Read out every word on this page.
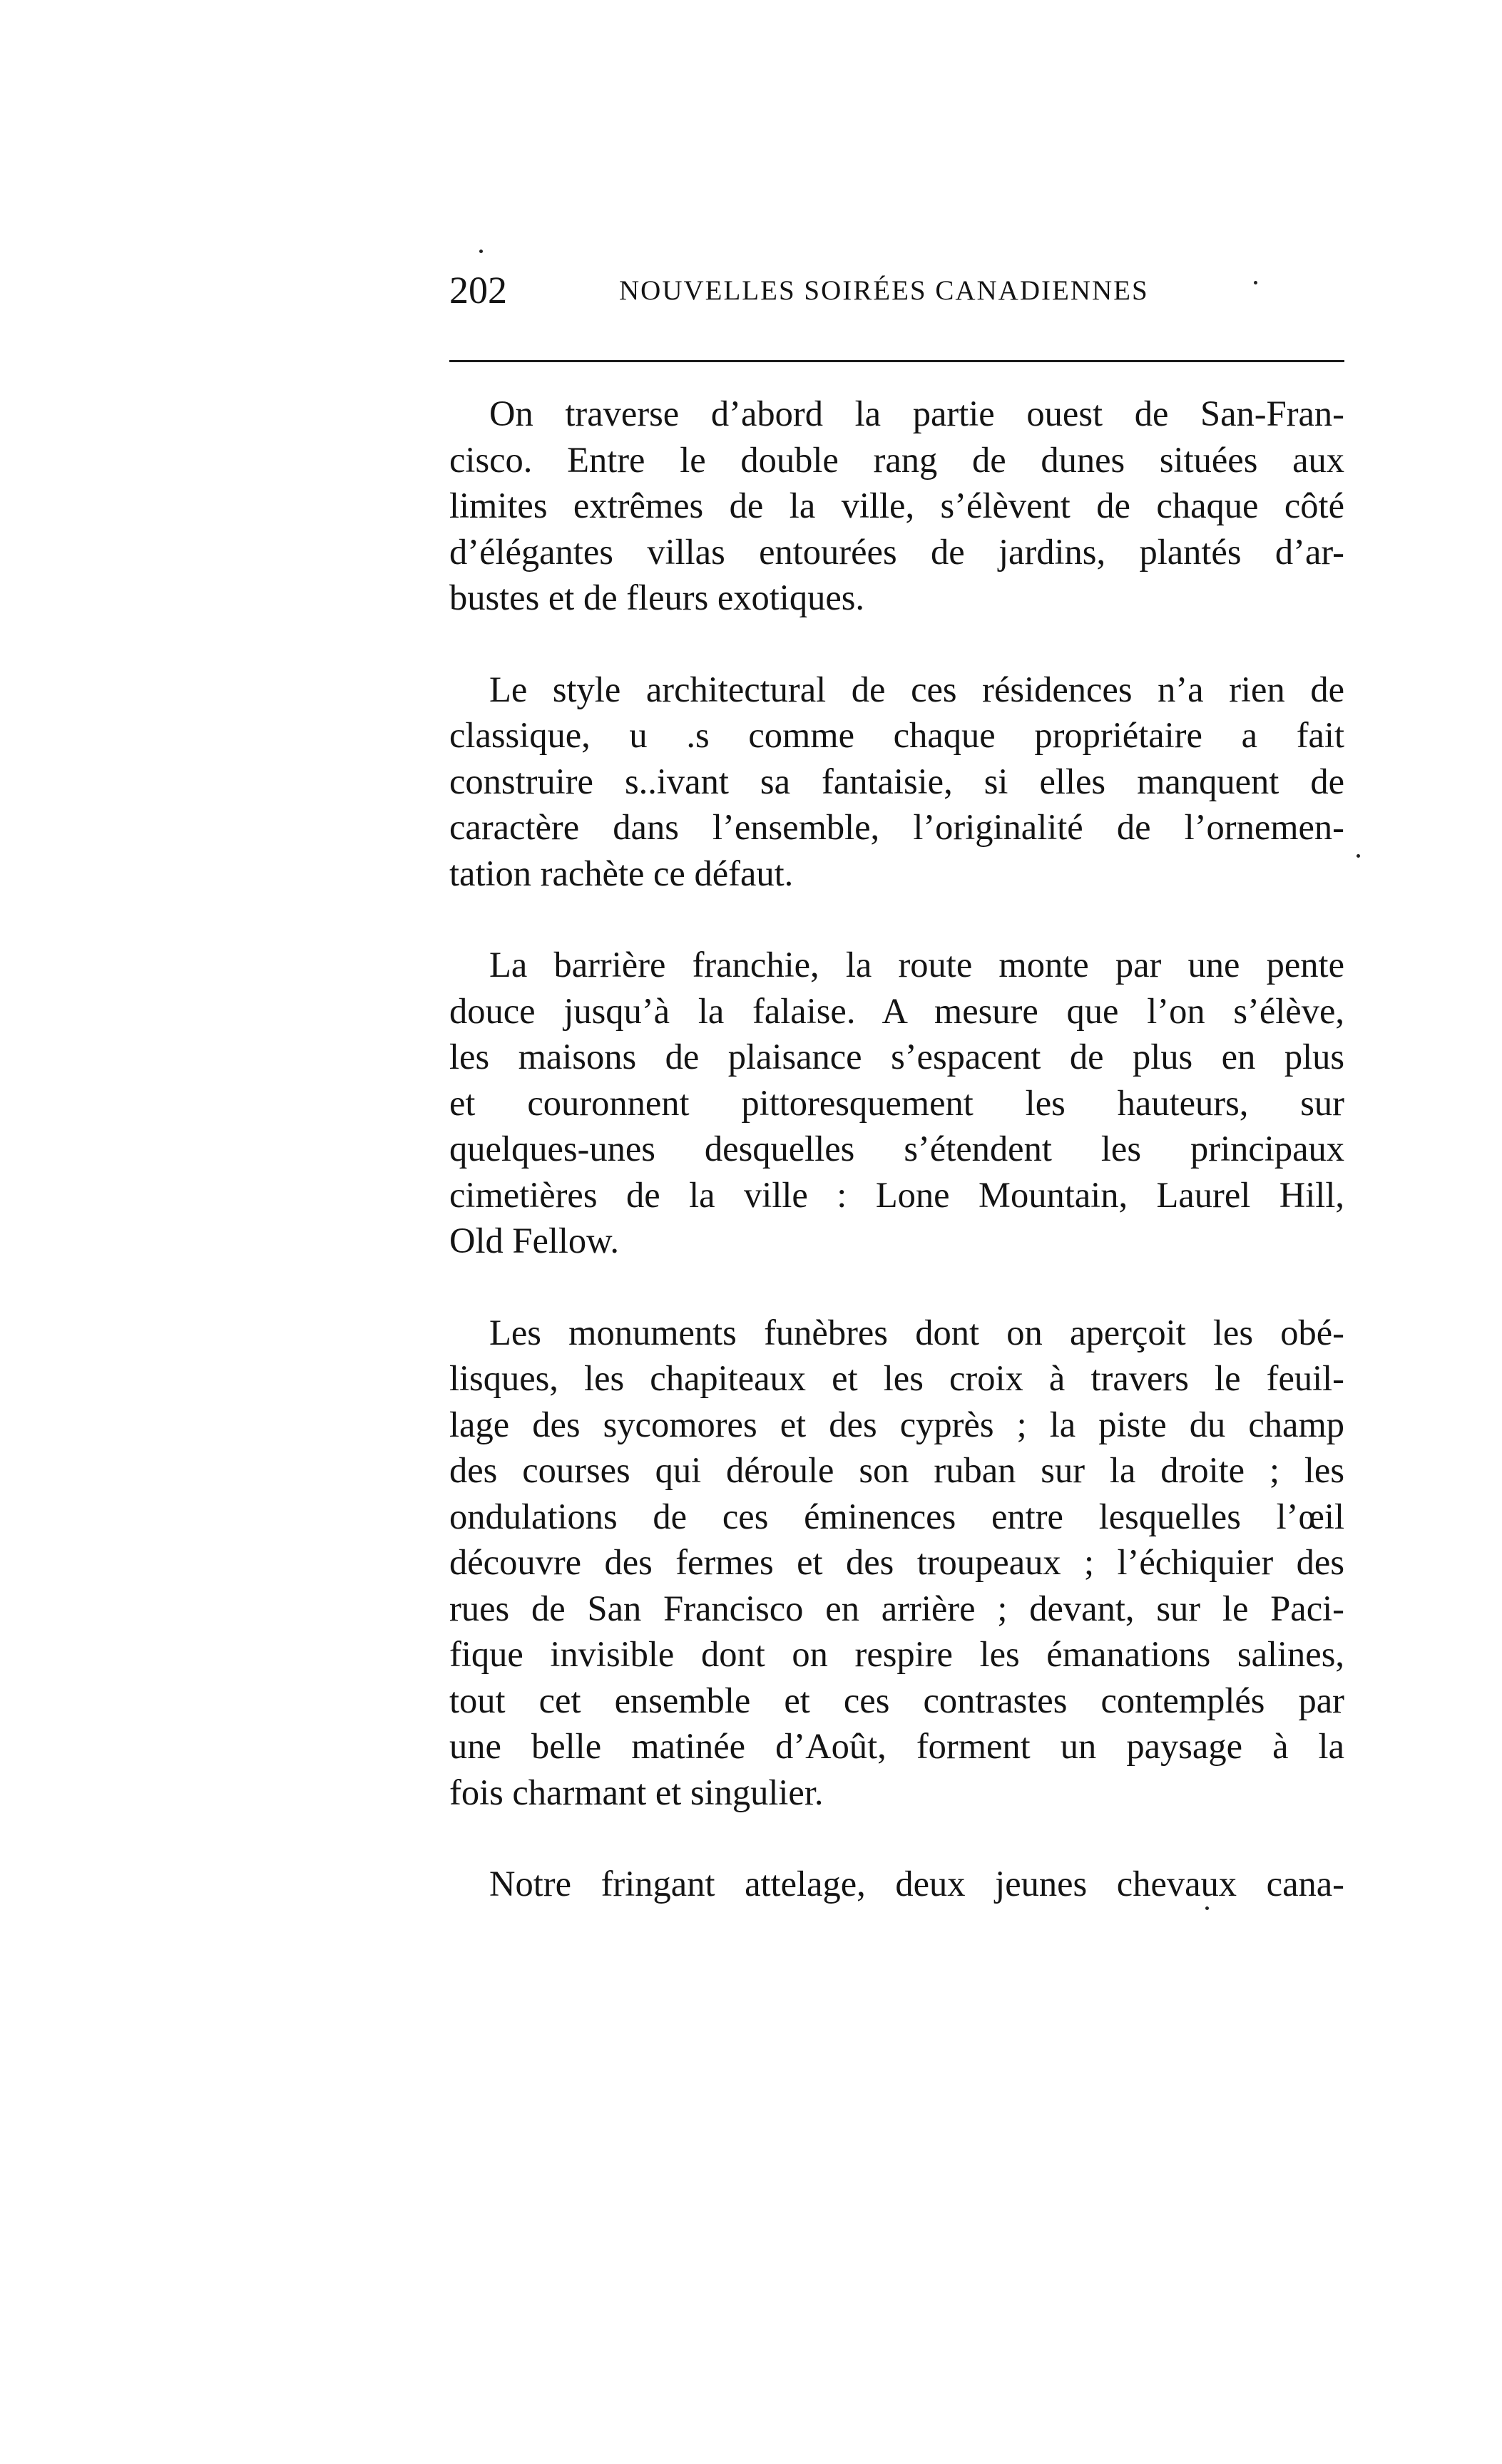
202	NOUVELLES SOIRÉES CANADIENNES
On traverse d’abord la partie ouest de San-Fran-
cisco. Entre le double rang de dunes situées aux
limites extrêmes de la ville, s’élèvent de chaque côté
d’élégantes villas entourées de jardins, plantés d’ar-
bustes et de fleurs exotiques.
Le style architectural de ces résidences n’a rien de
classique, u .s comme chaque propriétaire a fait
construire s..ivant sa fantaisie, si elles manquent de
caractère dans l’ensemble, l’originalité de l’ornemen-
tation rachète ce défaut.
La barrière franchie, la route monte par une pente
douce jusqu’à la falaise. A mesure que l’on s’élève,
les maisons de plaisance s’espacent de plus en plus
et couronnent pittoresquement les hauteurs, sur
quelques-unes desquelles s’étendent les principaux
cimetières de la ville : Lone Mountain, Laurel Hill,
Old Fellow.
Les monuments funèbres dont on aperçoit les obé-
lisques, les chapiteaux et les croix à travers le feuil-
lage des sycomores et des cyprès ; la piste du champ
des courses qui déroule son ruban sur la droite ; les
ondulations de ces éminences entre lesquelles l’œil
découvre des fermes et des troupeaux ; l’échiquier des
rues de San Francisco en arrière ; devant, sur le Paci-
fique invisible dont on respire les émanations salines,
tout cet ensemble et ces contrastes contemplés par
une belle matinée d’Août, forment un paysage à la
fois charmant et singulier.
Notre fringant attelage, deux jeunes chevaux cana-
